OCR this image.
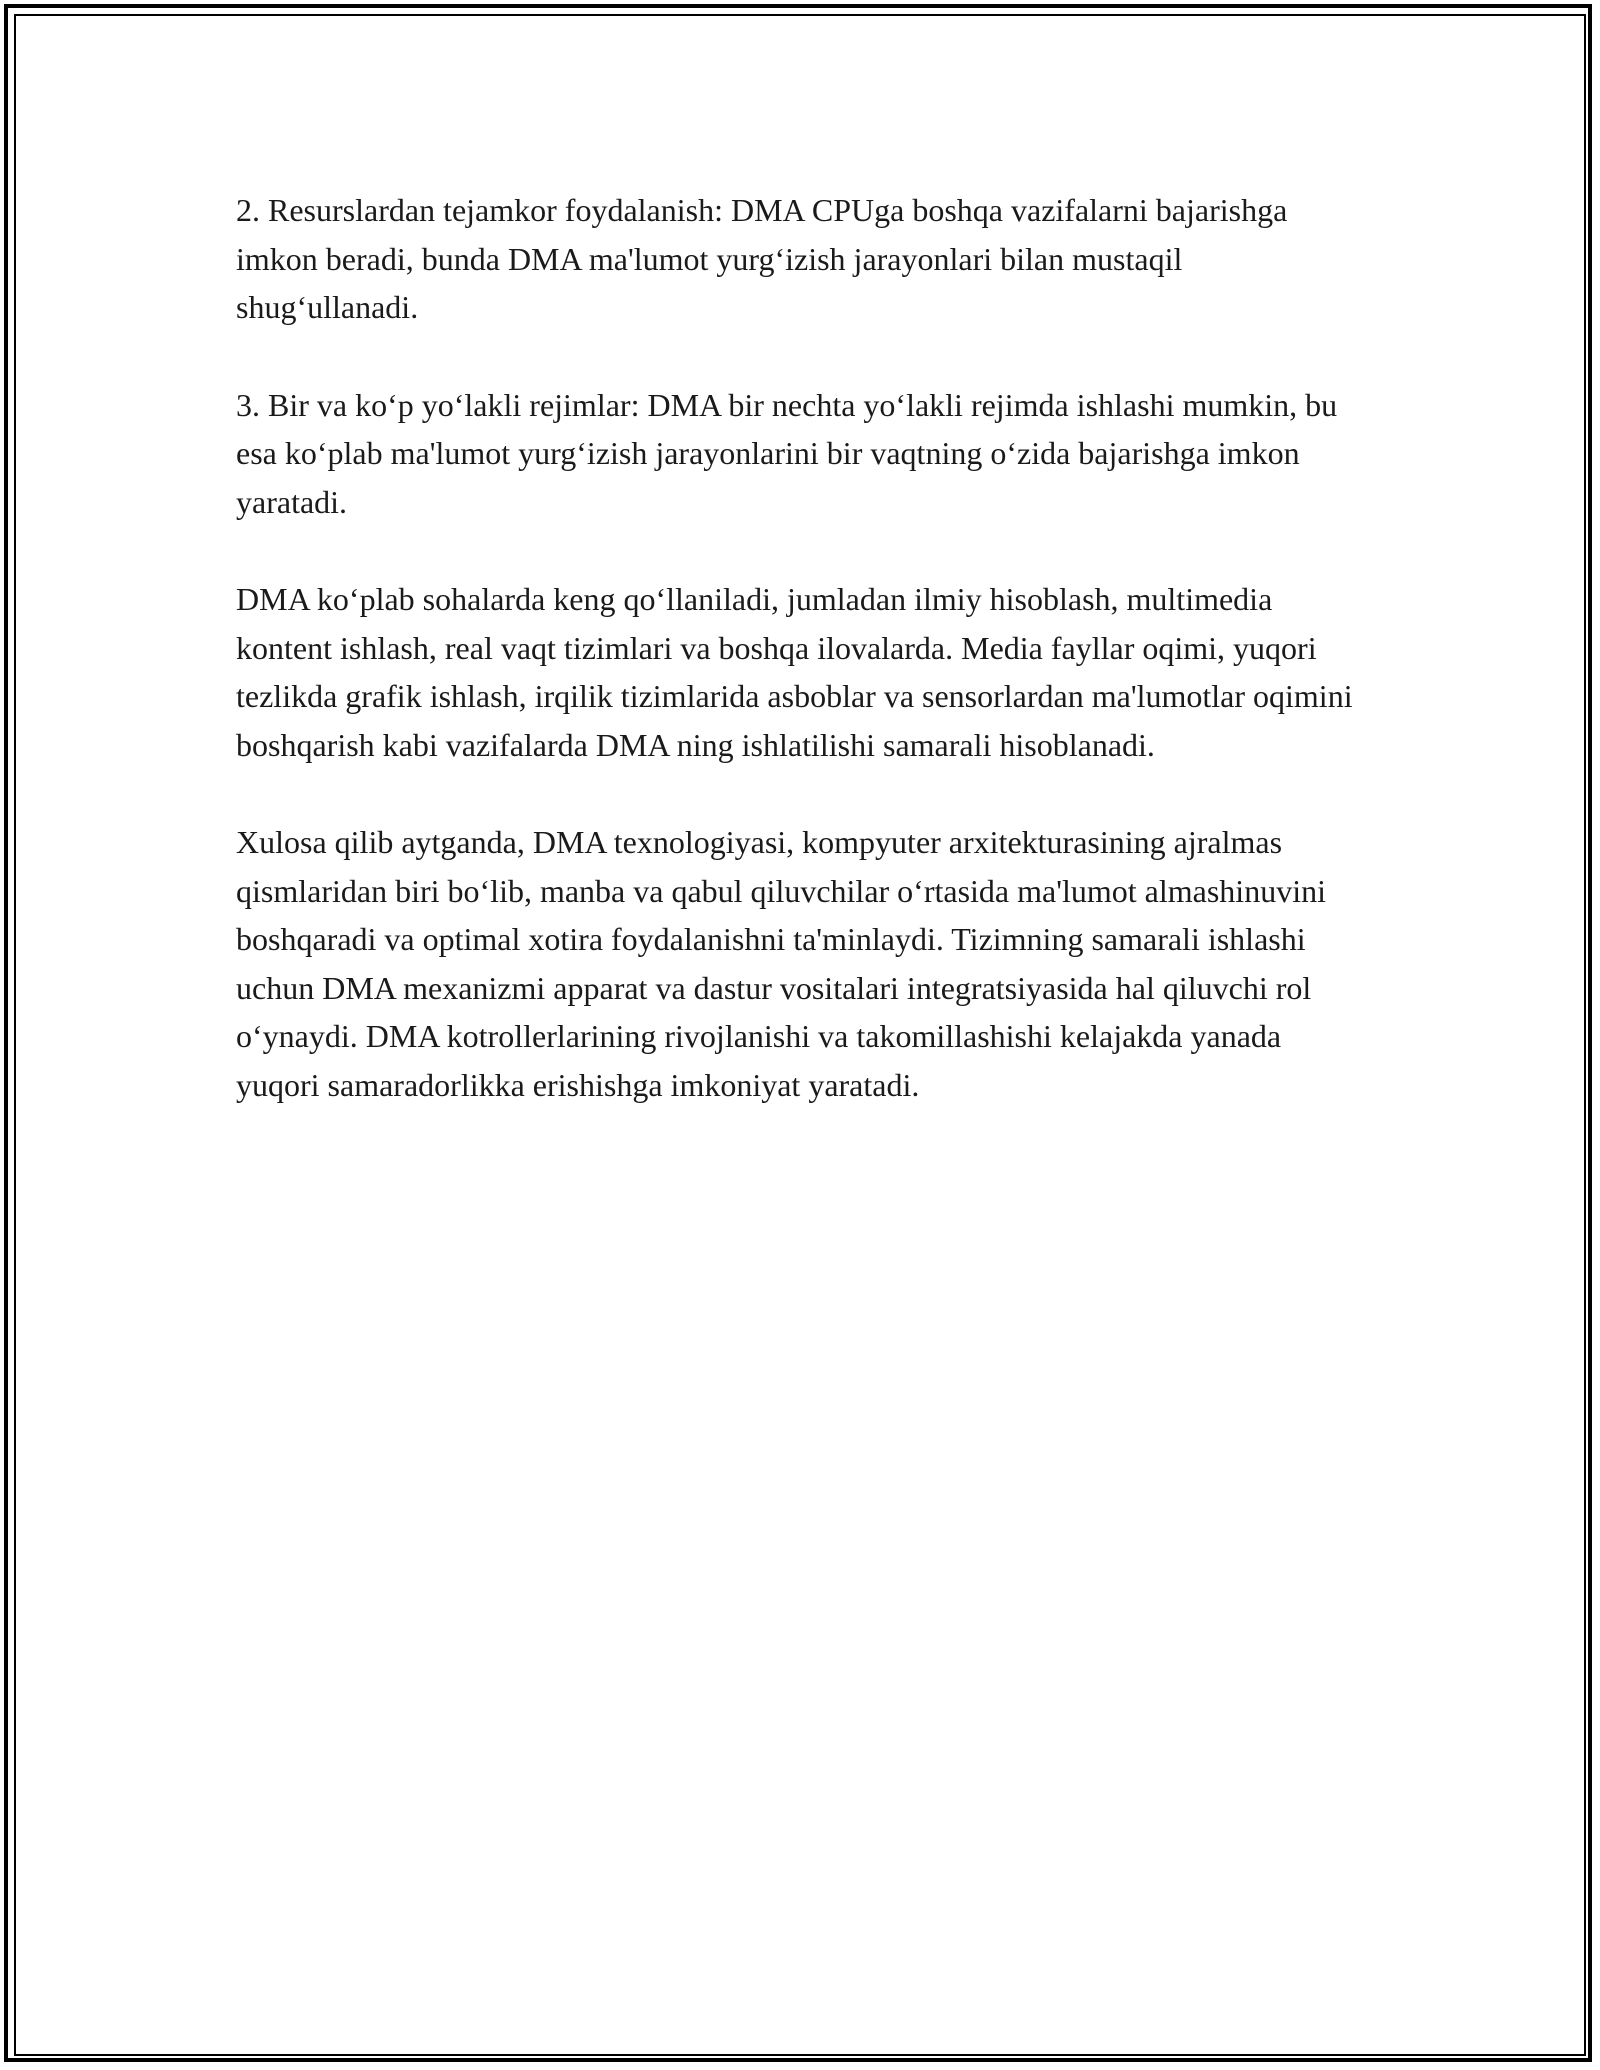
2. Resurslardan tejamkor foydalanish: DMA CPUga boshqa vazifalarni bajarishga imkon beradi, bunda DMA ma'lumot yurg‘izish jarayonlari bilan mustaqil shug‘ullanadi.

3. Bir va ko‘p yo‘lakli rejimlar: DMA bir nechta yo‘lakli rejimda ishlashi mumkin, bu esa ko‘plab ma'lumot yurg‘izish jarayonlarini bir vaqtning o‘zida bajarishga imkon yaratadi.

DMA ko‘plab sohalarda keng qo‘llaniladi, jumladan ilmiy hisoblash, multimedia kontent ishlash, real vaqt tizimlari va boshqa ilovalarda. Media fayllar oqimi, yuqori tezlikda grafik ishlash, irqilik tizimlarida asboblar va sensorlardan ma'lumotlar oqimini boshqarish kabi vazifalarda DMA ning ishlatilishi samarali hisoblanadi.

Xulosa qilib aytganda, DMA texnologiyasi, kompyuter arxitekturasining ajralmas qismlaridan biri bo‘lib, manba va qabul qiluvchilar o‘rtasida ma'lumot almashinuvini boshqaradi va optimal xotira foydalanishni ta'minlaydi. Tizimning samarali ishlashi uchun DMA mexanizmi apparat va dastur vositalari integratsiyasida hal qiluvchi rol o‘ynaydi. DMA kotrollerlarining rivojlanishi va takomillashishi kelajakda yanada yuqori samaradorlikka erishishga imkoniyat yaratadi.
